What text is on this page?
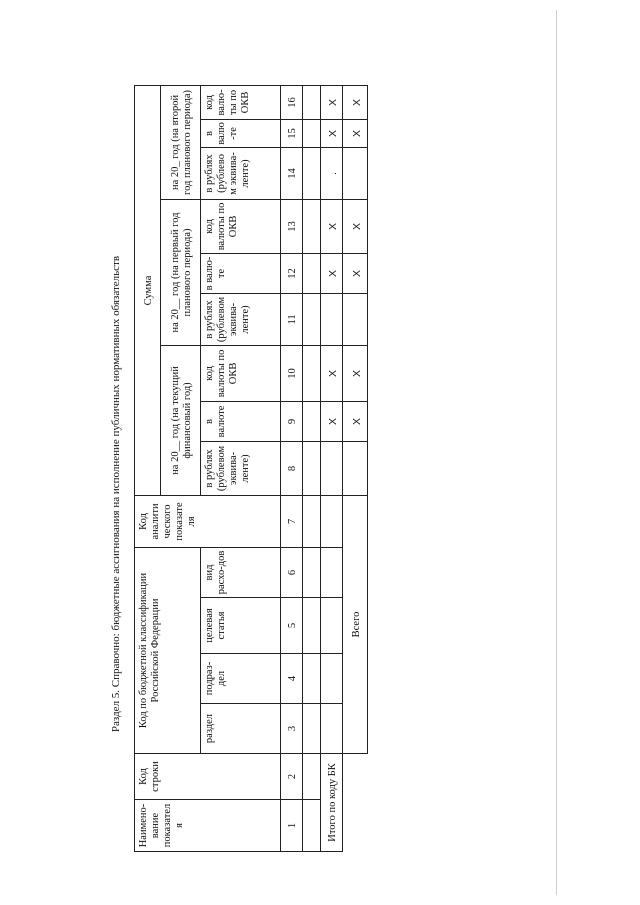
Раздел 5. Справочно: бюджетные ассигнования на исполнение публичных нормативных обязательств
Наимено-вание показателя	Код строки	Код по бюджетной классификации Российской Федерации				Код аналити ческого показате ля	Сумма								
							на 20__ год (на текущий финансовый год)			на 20__ год (на первый год планового периода)			на 20_ год (на второй год планового периода)		
		раздел	подраз-дел	целевая статья	вид расхо-дов		в рублях (рублевом эквива-ленте)	в валюте	код валюты по ОКВ	в рублях (рублевом эквива-ленте)	в валю-те	код валюты по ОКВ	в рублях (рублево м эквива-ленте)	в валю-те	код валю-ты по ОКВ
1	2	3	4	5	6	7	8	9	10	11	12	13	14	15	16

Итого по коду БК								X	X		X	X	.	X	X
		Всего						X	X		X	X		X	X
